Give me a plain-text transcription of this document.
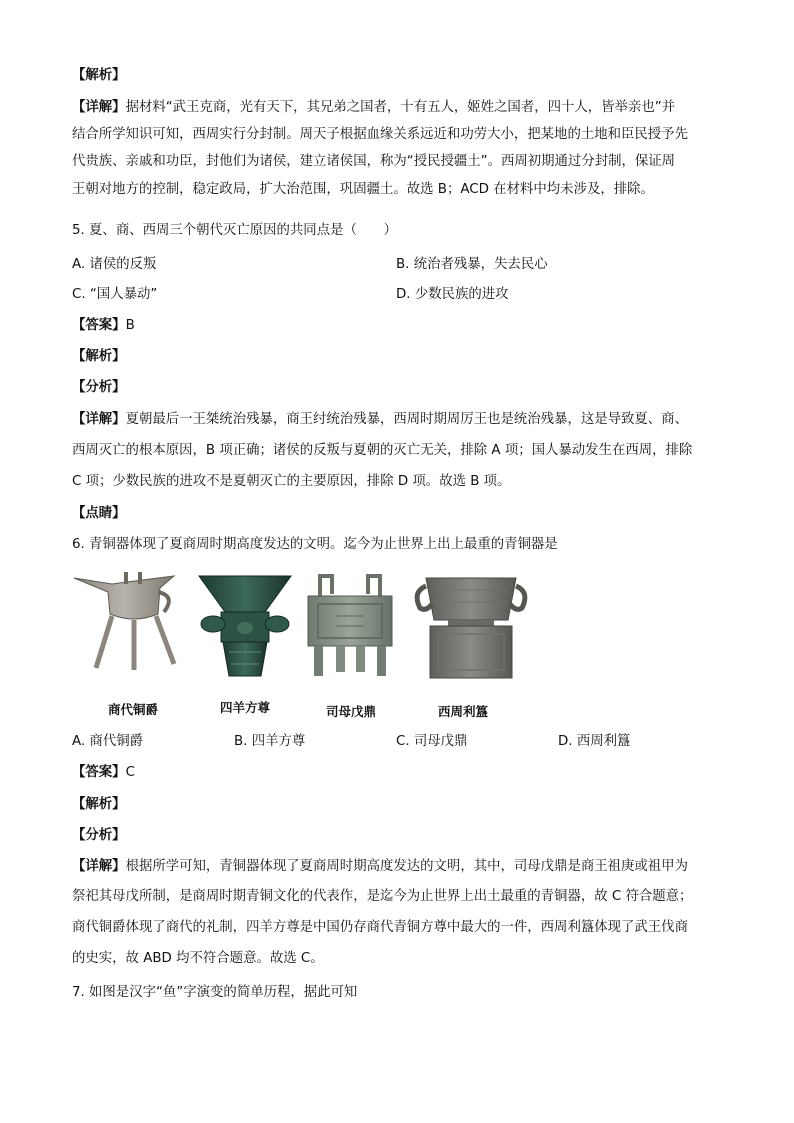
【解析】
【详解】据材料“武王克商，光有天下，其兄弟之国者，十有五人，姬姓之国者，四十人，皆举亲也”并
结合所学知识可知，西周实行分封制。周天子根据血缘关系远近和功劳大小，把某地的土地和臣民授予先
代贵族、亲戚和功臣，封他们为诸侯，建立诸侯国，称为“授民授疆土”。西周初期通过分封制，保证周
王朝对地方的控制，稳定政局，扩大治范围，巩固疆土。故选 B；ACD 在材料中均未涉及，排除。
5. 夏、商、西周三个朝代灭亡原因的共同点是（　　）
A. 诸侯的反叛	B. 统治者残暴，失去民心
C. “国人暴动”	D. 少数民族的进攻
【答案】B
【解析】
【分析】
【详解】夏朝最后一王桀统治残暴，商王纣统治残暴，西周时期周厉王也是统治残暴，这是导致夏、商、
西周灭亡的根本原因，B 项正确；诸侯的反叛与夏朝的灭亡无关，排除 A 项；国人暴动发生在西周，排除
C 项；少数民族的进攻不是夏朝灭亡的主要原因，排除 D 项。故选 B 项。
【点睛】
6. 青铜器体现了夏商周时期高度发达的文明。迄今为止世界上出上最重的青铜器是
商代铜爵	四羊方尊	司母戊鼎	西周利簋
A. 商代铜爵	B. 四羊方尊	C. 司母戊鼎	D. 西周利簋
【答案】C
【解析】
【分析】
【详解】根据所学可知，青铜器体现了夏商周时期高度发达的文明，其中，司母戊鼎是商王祖庚或祖甲为
祭祀其母戊所制，是商周时期青铜文化的代表作，是迄今为止世界上出土最重的青铜器，故 C 符合题意；
商代铜爵体现了商代的礼制，四羊方尊是中国仍存商代青铜方尊中最大的一件，西周利簋体现了武王伐商
的史实，故 ABD 均不符合题意。故选 C。
7. 如图是汉字“鱼”字演变的简单历程，据此可知
